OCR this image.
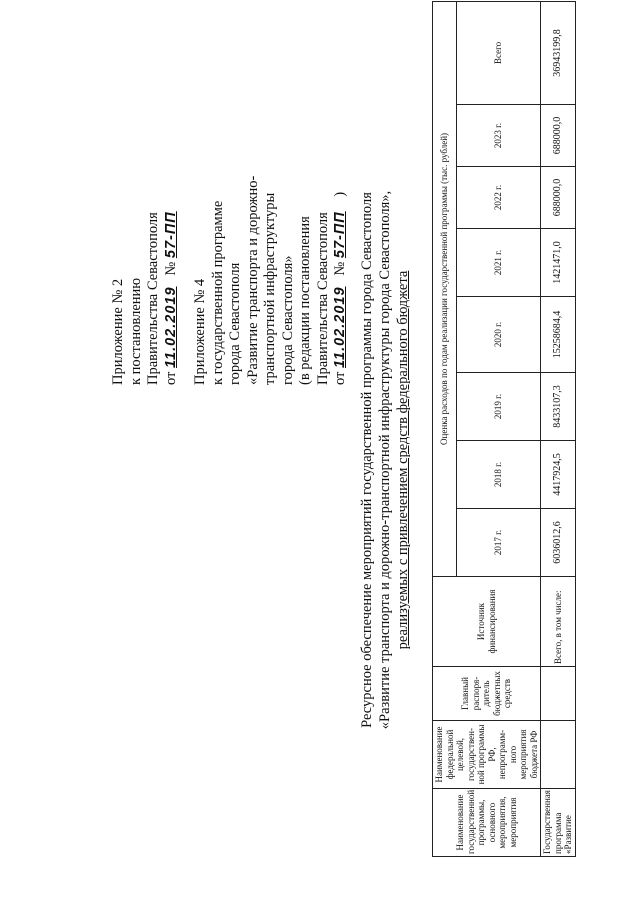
Приложение № 2 к постановлению Правительства Севастополя от 11.02.2019   № 57-ПП
Приложение № 4 к государственной программе города Севастополя «Развитие транспорта и дорожно- транспортной инфраструктуры города Севастополя» (в редакции постановления Правительства Севастополя от 11.02.2019   № 57-ПП    ) Ресурсное обеспечение мероприятий государственной программы города Севастополя «Развитие транспорта и дорожно-транспортной инфраструктуры города Севастополя», реализуемых с привлечением средств федерального бюджета
Наименование государственной программы, основного мероприятия, мероприятия	Наименование федеральной целевой, государствен-ной программы РФ, непрограмм-ного мероприятия бюджета РФ	Главный распоря-дитель бюджетных средств	Источник финансирования	Оценка расходов по годам реализации государственной программы (тыс. рублей)							
				2017 г.	2018 г.	2019 г.	2020 г.	2021 г.	2022 г.	2023 г.	Всего
Государственная программа «Развитие			Всего, в том числе:	6036012,6	4417924,5	8433107,3	15258684,4	1421471,0	688000,0	688000,0	36943199,8
